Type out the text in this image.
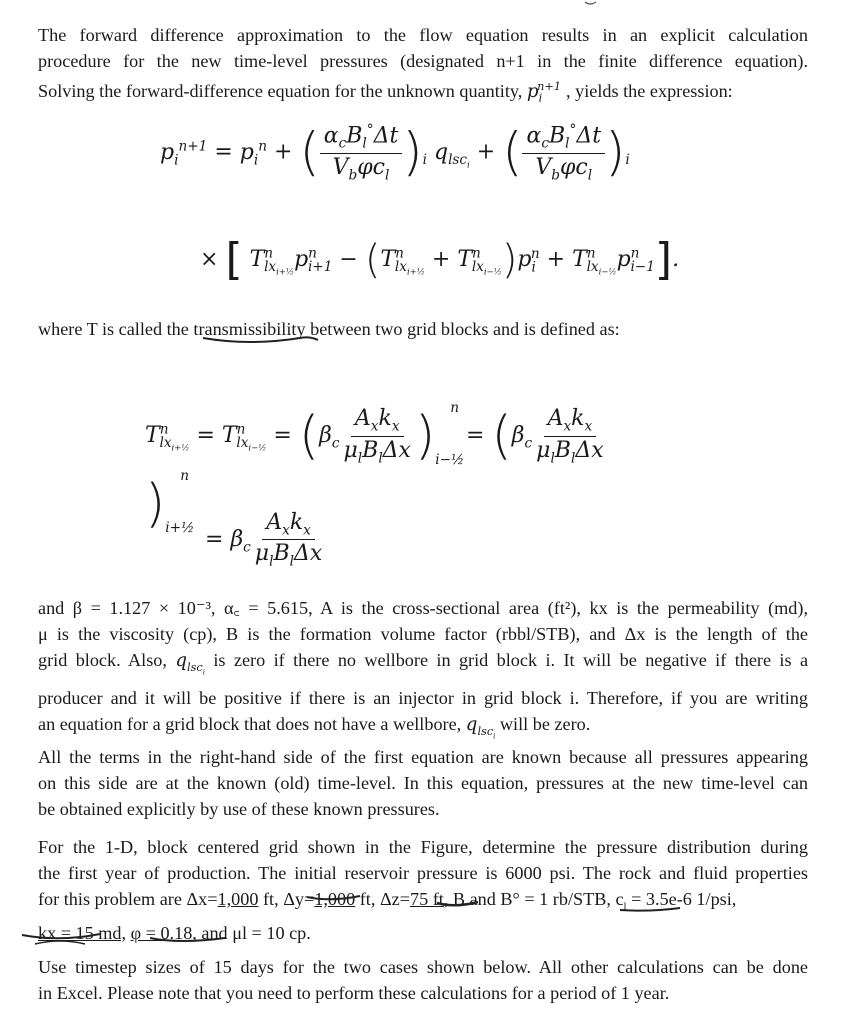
The forward difference approximation to the flow equation results in an explicit calculation
procedure for the new time-level pressures (designated n+1 in the finite difference equation).
Solving the forward-difference equation for the unknown quantity, $p_i^{n+1}$ , yields the expression:
$p_i^{n+1} = p_i^n$ + ( $\frac{\alpha_cB_l^\circ\Delta t}{V_b\varphi c_l} )_i$ $q_{lsc_i}$ + ( $\frac{\alpha_cB_l^\circ\Delta t}{V_b\varphi c_l} )_i$
× [ $T^n_{lx_{i+\frac{1}{2}}}p^n_{i+1} - (T^n_{lx_{i+\frac{1}{2}}} + T^n_{lx_{i-\frac{1}{2}}})p_i^n + T^n_{lx_{i-\frac{1}{2}}}p^n_{i-1}$].
where T is called the transmissibility between two grid blocks and is defined as:
$T^n_{lx_{i+\frac{1}{2}}} = T^n_{lx_{i-\frac{1}{2}}} = (\beta_c \frac{A_xk_x}{\mu_lB_l\Delta x} )_{i-\frac{1}{2}}^n = (\beta_c \frac{A_xk_x}{\mu_lB_l\Delta x}$
)$_{i+\frac{1}{2}}^n$
= $\beta_c \frac{A_xk_x}{\mu_lB_l\Delta x}$
and β = 1.127 × 10⁻³, α꜀ = 5.615, A is the cross-sectional area (ft²), kx is the permeability (md),
μ is the viscosity (cp), B is the formation volume factor (rbbl/STB), and Δx is the length of the
grid block. Also, $q_{lsc_i}$ is zero if there no wellbore in grid block i. It will be negative if there is a
producer and it will be positive if there is an injector in grid block i. Therefore, if you are writing
an equation for a grid block that does not have a wellbore, $q_{lsc_i}$ will be zero.
All the terms in the right-hand side of the first equation are known because all pressures appearing
on this side are at the known (old) time-level. In this equation, pressures at the new time-level can
be obtained explicitly by use of these known pressures.
For the 1-D, block centered grid shown in the Figure, determine the pressure distribution during
the first year of production. The initial reservoir pressure is 6000 psi. The rock and fluid properties
for this problem are Δx=1,000 ft, Δy=1,000 ft, Δz=75 ft, B and B° = 1 rb/STB, $c_l = 3.5e-6$ 1/psi,
kx = 15 md, φ = 0.18, and μl = 10 cp.
Use timestep sizes of 15 days for the two cases shown below. All other calculations can be done
in Excel. Please note that you need to perform these calculations for a period of 1 year.
